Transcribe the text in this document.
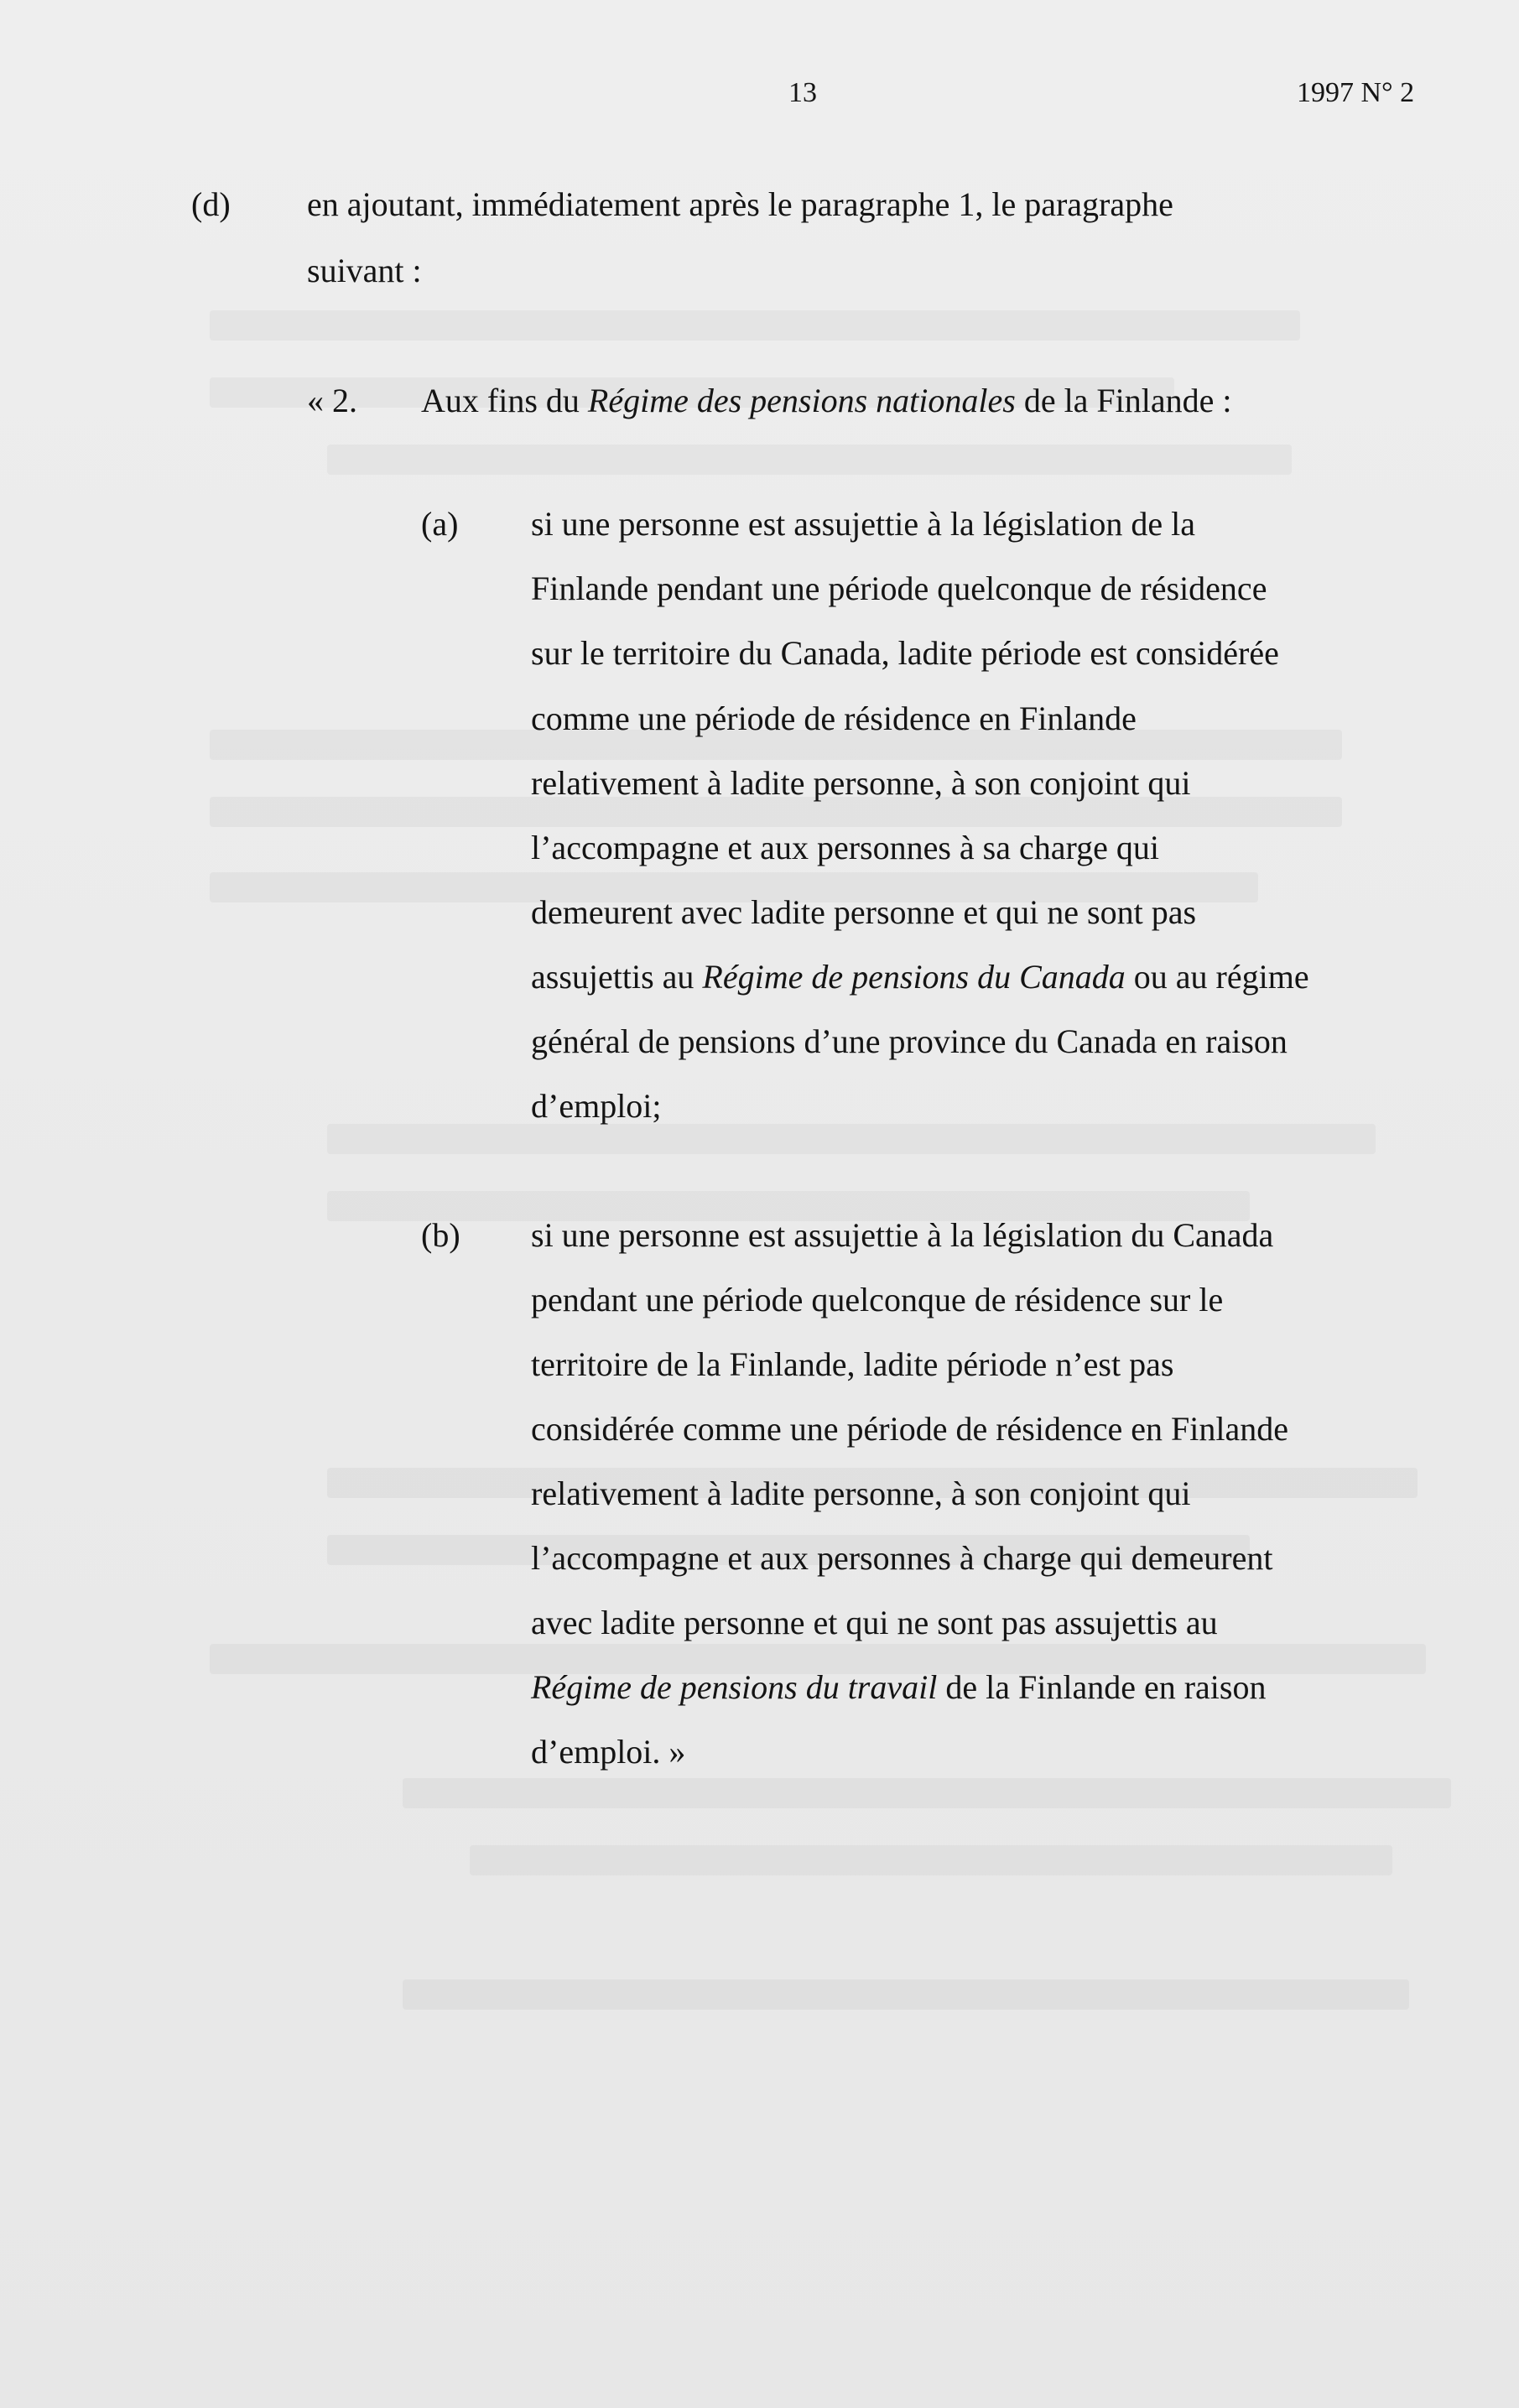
13	1997 N° 2
(d) en ajoutant, immédiatement après le paragraphe 1, le paragraphe
suivant :
« 2. Aux fins du Régime des pensions nationales de la Finlande :
(a) si une personne est assujettie à la législation de la
Finlande pendant une période quelconque de résidence
sur le territoire du Canada, ladite période est considérée
comme une période de résidence en Finlande
relativement à ladite personne, à son conjoint qui
l’accompagne et aux personnes à sa charge qui
demeurent avec ladite personne et qui ne sont pas
assujettis au Régime de pensions du Canada ou au régime
général de pensions d’une province du Canada en raison
d’emploi;
(b) si une personne est assujettie à la législation du Canada
pendant une période quelconque de résidence sur le
territoire de la Finlande, ladite période n’est pas
considérée comme une période de résidence en Finlande
relativement à ladite personne, à son conjoint qui
l’accompagne et aux personnes à charge qui demeurent
avec ladite personne et qui ne sont pas assujettis au
Régime de pensions du travail de la Finlande en raison
d’emploi. »
